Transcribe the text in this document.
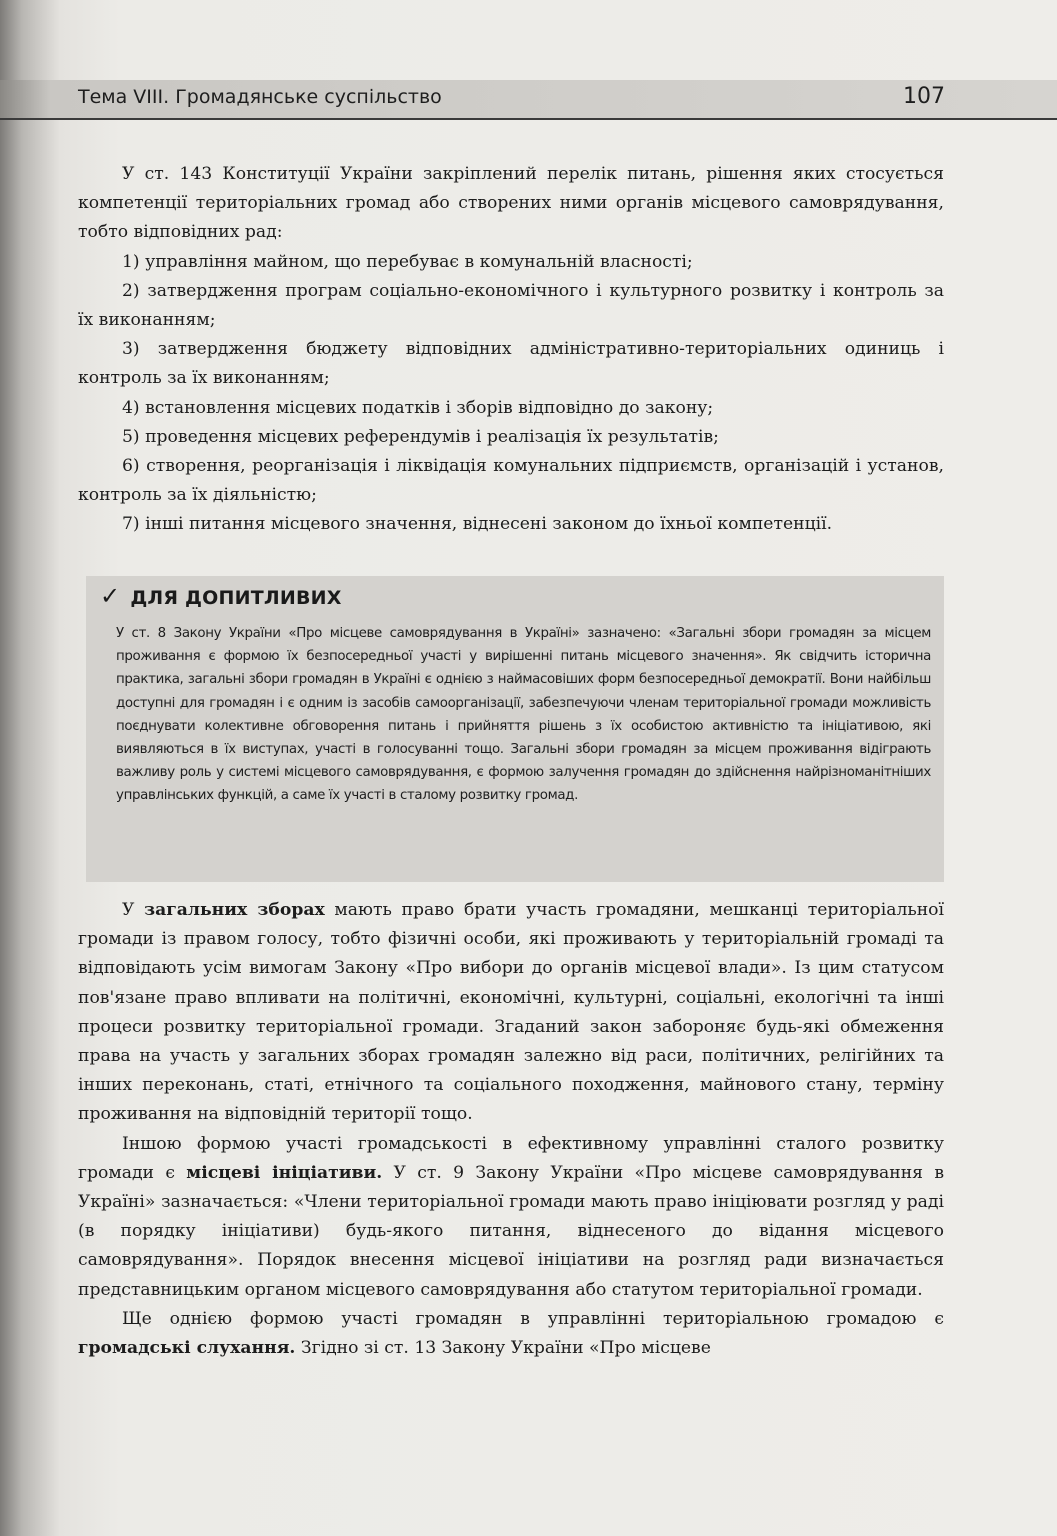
Тема VIII. Громадянське суспільство	107

У ст. 143 Конституції України закріплений перелік питань, рішення яких стосується компетенції територіальних громад або створених ними органів місцевого самоврядування, тобто відповідних рад:

1) управління майном, що перебуває в комунальній власності;

2) затвердження програм соціально-економічного і культурного розвитку і контроль за їх виконанням;

3) затвердження бюджету відповідних адміністративно-територіальних одиниць і контроль за їх виконанням;

4) встановлення місцевих податків і зборів відповідно до закону;

5) проведення місцевих референдумів і реалізація їх результатів;

6) створення, реорганізація і ліквідація комунальних підприємств, організацій і установ, контроль за їх діяльністю;

7) інші питання місцевого значення, віднесені законом до їхньої компетенції.

✓ ДЛЯ ДОПИТЛИВИХ
У ст. 8 Закону України «Про місцеве самоврядування в Україні» зазначено: «Загальні збори громадян за місцем проживання є формою їх безпосередньої участі у вирішенні питань місцевого значення». Як свідчить історична практика, загальні збори громадян в Україні є однією з наймасовіших форм безпосередньої демократії. Вони найбільш доступні для громадян і є одним із засобів самоорганізації, забезпечуючи членам територіальної громади можливість поєднувати колективне обговорення питань і прийняття рішень з їх особистою активністю та ініціативою, які виявляються в їх виступах, участі в голосуванні тощо. Загальні збори громадян за місцем проживання відіграють важливу роль у системі місцевого самоврядування, є формою залучення громадян до здійснення найрізноманітніших управлінських функцій, а саме їх участі в сталому розвитку громад.

У загальних зборах мають право брати участь громадяни, мешканці територіальної громади із правом голосу, тобто фізичні особи, які проживають у територіальній громаді та відповідають усім вимогам Закону «Про вибори до органів місцевої влади». Із цим статусом пов'язане право впливати на політичні, економічні, культурні, соціальні, екологічні та інші процеси розвитку територіальної громади. Згаданий закон забороняє будь-які обмеження права на участь у загальних зборах громадян залежно від раси, політичних, релігійних та інших переконань, статі, етнічного та соціального походження, майнового стану, терміну проживання на відповідній території тощо.

Іншою формою участі громадськості в ефективному управлінні сталого розвитку громади є місцеві ініціативи. У ст. 9 Закону України «Про місцеве самоврядування в Україні» зазначається: «Члени територіальної громади мають право ініціювати розгляд у раді (в порядку ініціативи) будь-якого питання, віднесеного до відання місцевого самоврядування». Порядок внесення місцевої ініціативи на розгляд ради визначається представницьким органом місцевого самоврядування або статутом територіальної громади.

Ще однією формою участі громадян в управлінні територіальною громадою є громадські слухання. Згідно зі ст. 13 Закону України «Про місцеве
